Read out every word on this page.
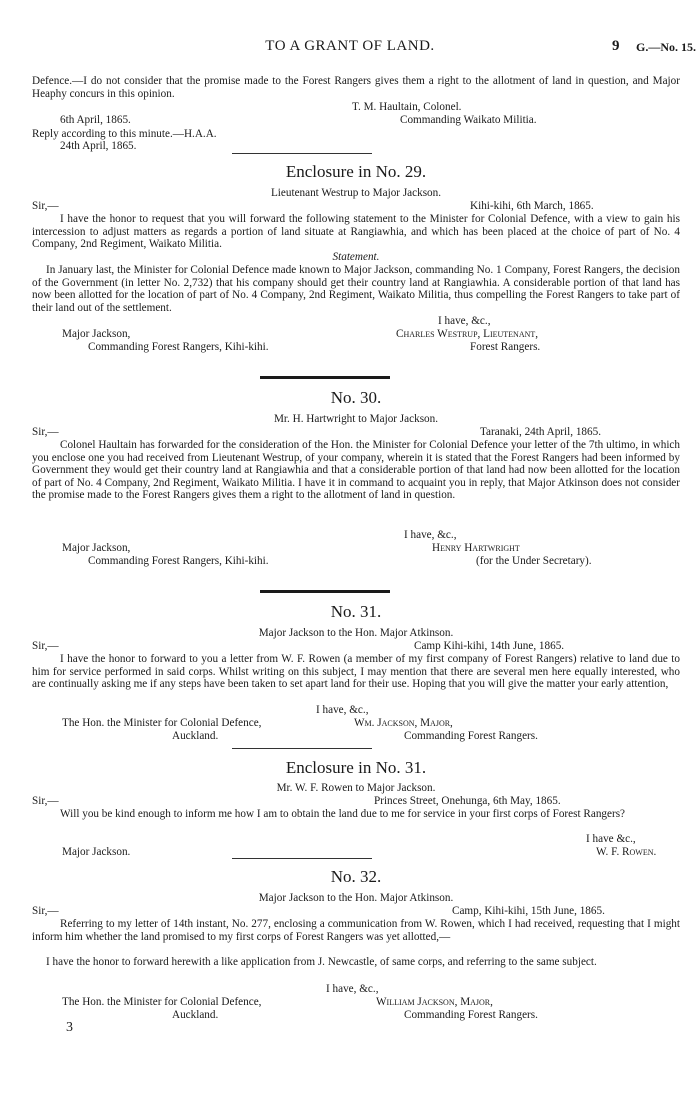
TO A GRANT OF LAND.	9 G.—No. 15.
Defence.—I do not consider that the promise made to the Forest Rangers gives them a right to the allotment of land in question, and Major Heaphy concurs in this opinion.
T. M. Haultain, Colonel.
6th April, 1865.	Commanding Waikato Militia.
Reply according to this minute.—H.A.A.
24th April, 1865.
Enclosure in No. 29.
Lieutenant Westrup to Major Jackson.
Sir,—	Kihi-kihi, 6th March, 1865.
I have the honor to request that you will forward the following statement to the Minister for Colonial Defence, with a view to gain his intercession to adjust matters as regards a portion of land situate at Rangiawhia, and which has been placed at the choice of part of No. 4 Company, 2nd Regiment, Waikato Militia.
Statement.
In January last, the Minister for Colonial Defence made known to Major Jackson, commanding No. 1 Company, Forest Rangers, the decision of the Government (in letter No. 2,732) that his company should get their country land at Rangiawhia. A considerable portion of that land has now been allotted for the location of part of No. 4 Company, 2nd Regiment, Waikato Militia, thus compelling the Forest Rangers to take part of their land out of the settlement.
I have, &c.,
Major Jackson,	Charles Westrup, Lieutenant,
Commanding Forest Rangers, Kihi-kihi.	Forest Rangers.
No. 30.
Mr. H. Hartwright to Major Jackson.
Sir,—	Taranaki, 24th April, 1865.
Colonel Haultain has forwarded for the consideration of the Hon. the Minister for Colonial Defence your letter of the 7th ultimo, in which you enclose one you had received from Lieutenant Westrup, of your company, wherein it is stated that the Forest Rangers had been informed by Government they would get their country land at Rangiawhia and that a considerable portion of that land had now been allotted for the location of part of No. 4 Company, 2nd Regiment, Waikato Militia. I have it in command to acquaint you in reply, that Major Atkinson does not consider the promise made to the Forest Rangers gives them a right to the allotment of land in question.
I have, &c.,
Major Jackson,	Henry Hartwright
Commanding Forest Rangers, Kihi-kihi.	(for the Under Secretary).
No. 31.
Major Jackson to the Hon. Major Atkinson.
Sir,—	Camp Kihi-kihi, 14th June, 1865.
I have the honor to forward to you a letter from W. F. Rowen (a member of my first company of Forest Rangers) relative to land due to him for service performed in said corps. Whilst writing on this subject, I may mention that there are several men here equally interested, who are continually asking me if any steps have been taken to set apart land for their use. Hoping that you will give the matter your early attention,
I have, &c.,
The Hon. the Minister for Colonial Defence,	Wm. Jackson, Major,
Auckland.	Commanding Forest Rangers.
Enclosure in No. 31.
Mr. W. F. Rowen to Major Jackson.
Sir,—	Princes Street, Onehunga, 6th May, 1865.
Will you be kind enough to inform me how I am to obtain the land due to me for service in your first corps of Forest Rangers?
I have &c.,
Major Jackson.	W. F. Rowen.
No. 32.
Major Jackson to the Hon. Major Atkinson.
Sir,—	Camp, Kihi-kihi, 15th June, 1865.
Referring to my letter of 14th instant, No. 277, enclosing a communication from W. Rowen, which I had received, requesting that I might inform him whether the land promised to my first corps of Forest Rangers was yet allotted,—
I have the honor to forward herewith a like application from J. Newcastle, of same corps, and referring to the same subject.
I have, &c.,
The Hon. the Minister for Colonial Defence,	William Jackson, Major,
Auckland.	Commanding Forest Rangers.
3
